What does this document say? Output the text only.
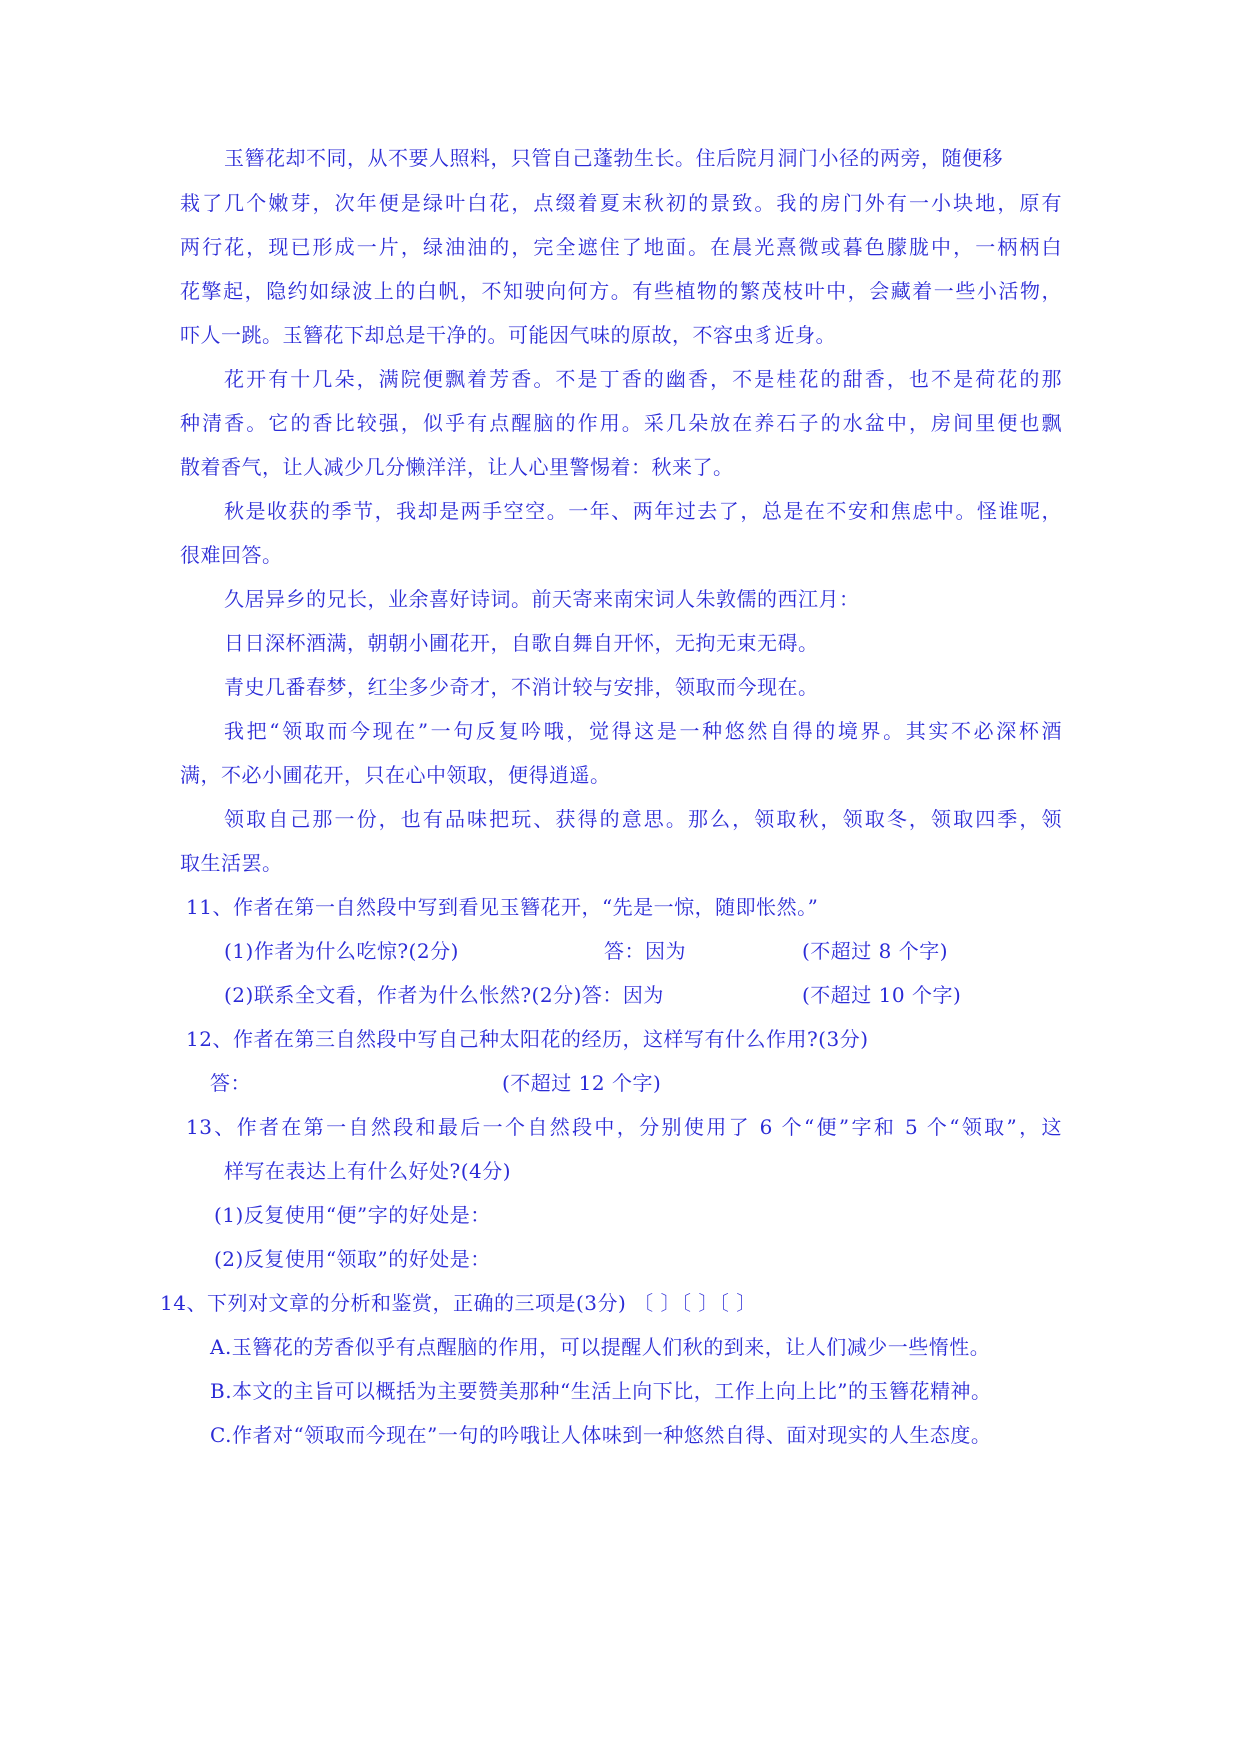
玉簪花却不同，从不要人照料，只管自己蓬勃生长。住后院月洞门小径的两旁，随便移

栽了几个嫩芽，次年便是绿叶白花，点缀着夏末秋初的景致。我的房门外有一小块地，原有

两行花，现已形成一片，绿油油的，完全遮住了地面。在晨光熹微或暮色朦胧中，一柄柄白

花擎起，隐约如绿波上的白帆，不知驶向何方。有些植物的繁茂枝叶中，会藏着一些小活物，

吓人一跳。玉簪花下却总是干净的。可能因气味的原故，不容虫豸近身。

花开有十几朵，满院便飘着芳香。不是丁香的幽香，不是桂花的甜香，也不是荷花的那

种清香。它的香比较强，似乎有点醒脑的作用。采几朵放在养石子的水盆中，房间里便也飘

散着香气，让人减少几分懒洋洋，让人心里警惕着：秋来了。

秋是收获的季节，我却是两手空空。一年、两年过去了，总是在不安和焦虑中。怪谁呢，

很难回答。

久居异乡的兄长，业余喜好诗词。前天寄来南宋词人朱敦儒的西江月：

日日深杯酒满，朝朝小圃花开，自歌自舞自开怀，无拘无束无碍。

青史几番春梦，红尘多少奇才，不消计较与安排，领取而今现在。

我把“领取而今现在”一句反复吟哦，觉得这是一种悠然自得的境界。其实不必深杯酒

满，不必小圃花开，只在心中领取，便得逍遥。

领取自己那一份，也有品味把玩、获得的意思。那么，领取秋，领取冬，领取四季，领

取生活罢。

11、作者在第一自然段中写到看见玉簪花开，“先是一惊，随即怅然。”

(1)作者为什么吃惊?(2分)	答：因为	(不超过 8 个字)

(2)联系全文看，作者为什么怅然?(2分)答：因为	(不超过 10 个字)

12、作者在第三自然段中写自己种太阳花的经历，这样写有什么作用?(3分)

答：	(不超过 12 个字)

13、作者在第一自然段和最后一个自然段中，分别使用了 6 个“便”字和 5 个“领取”，这

样写在表达上有什么好处?(4分)

(1)反复使用“便”字的好处是：

(2)反复使用“领取”的好处是：

14、下列对文章的分析和鉴赏，正确的三项是(3分) 〔 〕〔 〕〔 〕

A.玉簪花的芳香似乎有点醒脑的作用，可以提醒人们秋的到来，让人们减少一些惰性。

B.本文的主旨可以概括为主要赞美那种“生活上向下比，工作上向上比”的玉簪花精神。

C.作者对“领取而今现在”一句的吟哦让人体味到一种悠然自得、面对现实的人生态度。
